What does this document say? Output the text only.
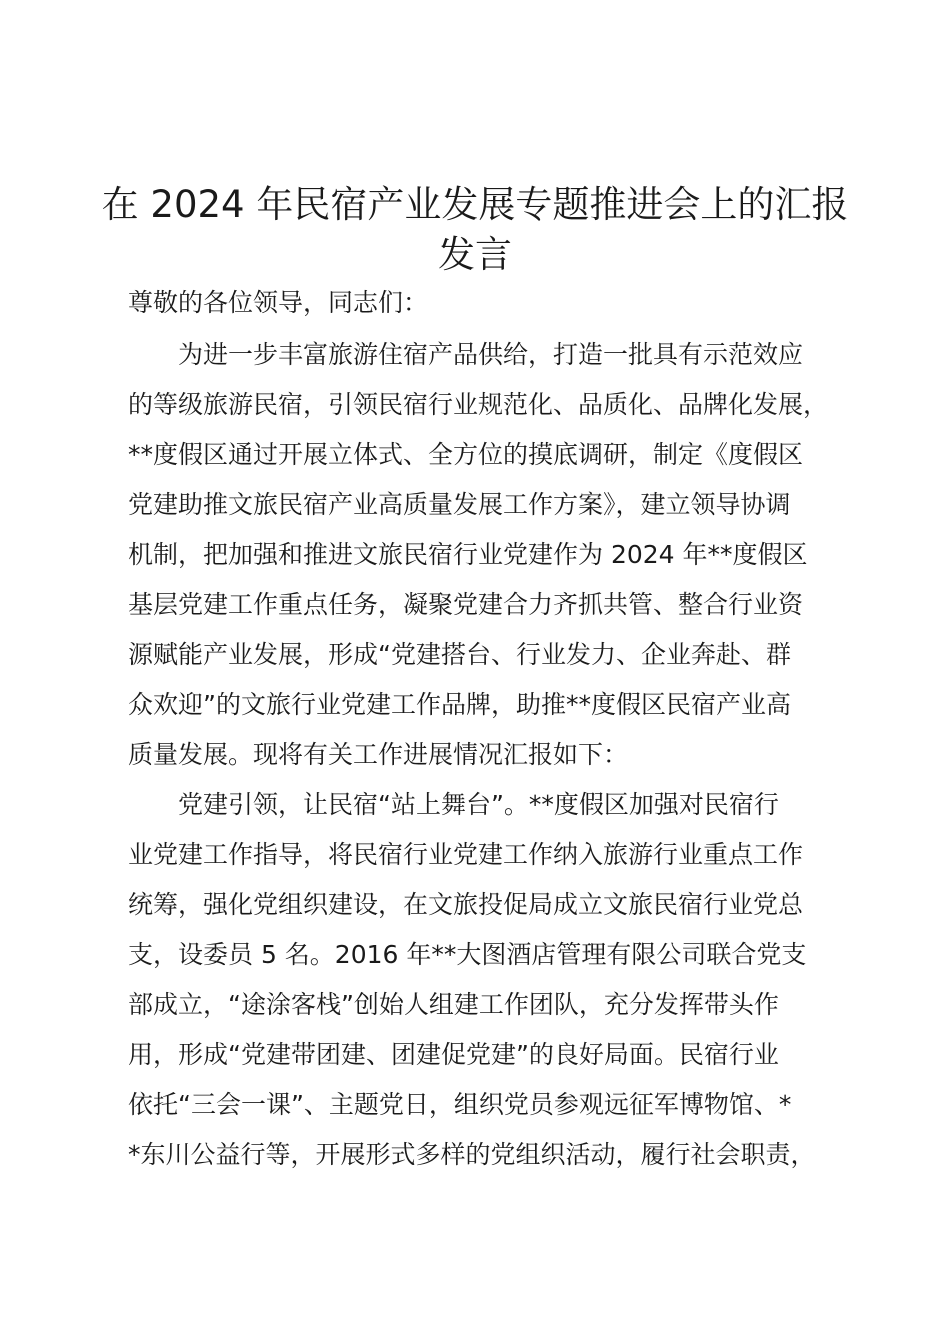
在 2024 年民宿产业发展专题推进会上的汇报
发言
尊敬的各位领导，同志们：
为进一步丰富旅游住宿产品供给，打造一批具有示范效应
的等级旅游民宿，引领民宿行业规范化、品质化、品牌化发展，
**度假区通过开展立体式、全方位的摸底调研，制定《度假区
党建助推文旅民宿产业高质量发展工作方案》，建立领导协调
机制，把加强和推进文旅民宿行业党建作为 2024 年**度假区
基层党建工作重点任务，凝聚党建合力齐抓共管、整合行业资
源赋能产业发展，形成“党建搭台、行业发力、企业奔赴、群
众欢迎”的文旅行业党建工作品牌，助推**度假区民宿产业高
质量发展。现将有关工作进展情况汇报如下：
党建引领，让民宿“站上舞台”。**度假区加强对民宿行
业党建工作指导，将民宿行业党建工作纳入旅游行业重点工作
统筹，强化党组织建设，在文旅投促局成立文旅民宿行业党总
支，设委员 5 名。2016 年**大图酒店管理有限公司联合党支
部成立，“途涂客栈”创始人组建工作团队，充分发挥带头作
用，形成“党建带团建、团建促党建”的良好局面。民宿行业
依托“三会一课”、主题党日，组织党员参观远征军博物馆、*
*东川公益行等，开展形式多样的党组织活动，履行社会职责，
